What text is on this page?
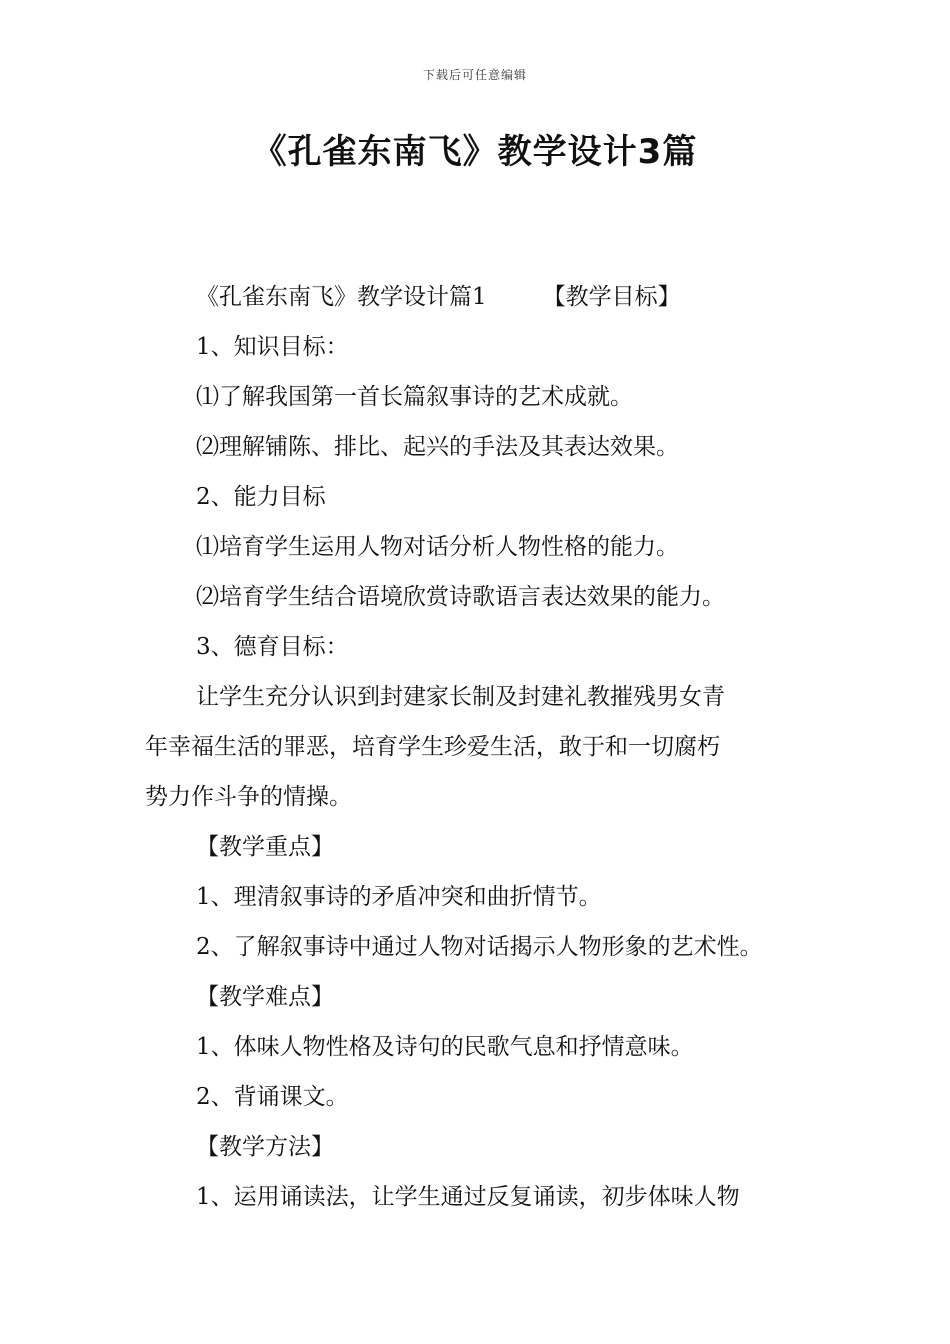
下载后可任意编辑
《孔雀东南飞》教学设计3篇
《孔雀东南飞》教学设计篇1 【教学目标】
1、知识目标：
⑴了解我国第一首长篇叙事诗的艺术成就。
⑵理解铺陈、排比、起兴的手法及其表达效果。
2、能力目标
⑴培育学生运用人物对话分析人物性格的能力。
⑵培育学生结合语境欣赏诗歌语言表达效果的能力。
3、德育目标：
让学生充分认识到封建家长制及封建礼教摧残男女青
年幸福生活的罪恶，培育学生珍爱生活，敢于和一切腐朽
势力作斗争的情操。
【教学重点】
1、理清叙事诗的矛盾冲突和曲折情节。
2、了解叙事诗中通过人物对话揭示人物形象的艺术性。
【教学难点】
1、体味人物性格及诗句的民歌气息和抒情意味。
2、背诵课文。
【教学方法】
1、运用诵读法，让学生通过反复诵读，初步体味人物
